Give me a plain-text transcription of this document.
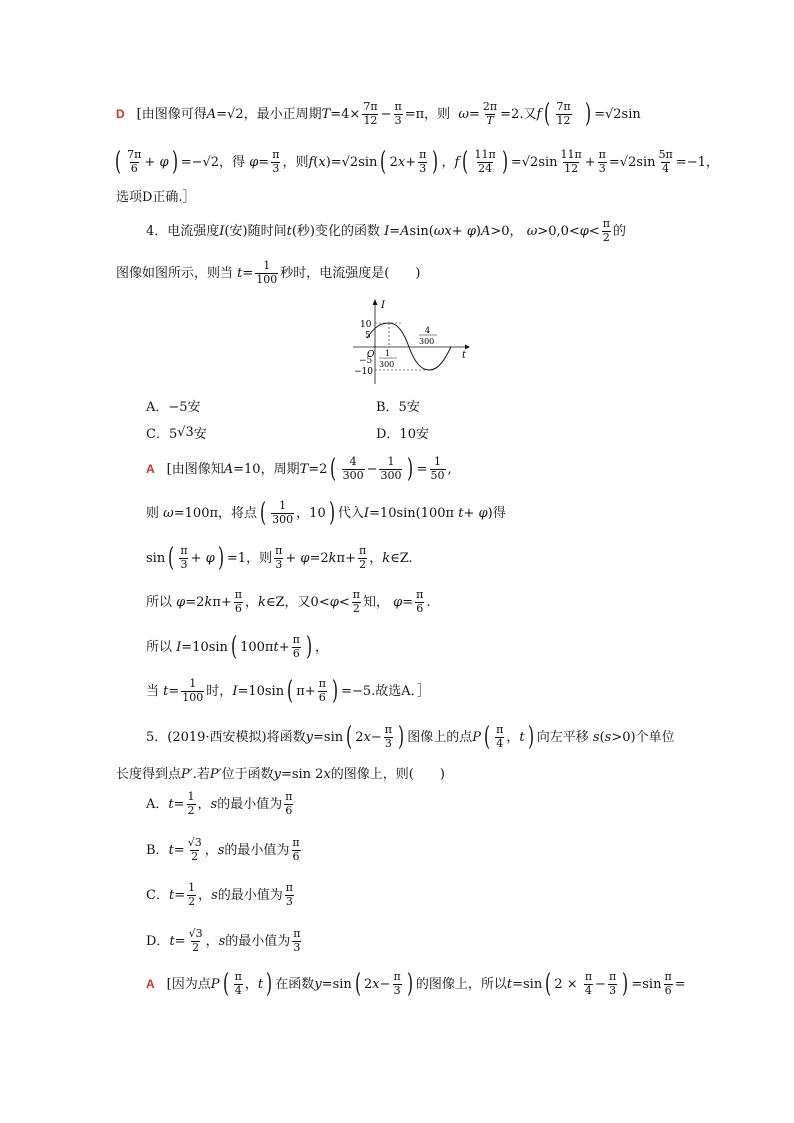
D [由图像可得 A =√2，最小正周期 $T =4\times \frac{7\pi}{12} - \frac{\pi}{3} =\pi$，则
$\omega = \frac{2\pi}{T} =2$.又 f ( $\frac{7\pi}{12}$
) =√2sin
( $\frac{7\pi}{6}$ +
φ ) =−√2，得
$\varphi = \frac{\pi}{3}$ ，则 f ( x )=√2sin ( 2 $x + \frac{\pi}{3}$ ) ， f ( $\frac{11\pi}{24}$ ) $=√2\sin \frac{11\pi}{12} + \frac{\pi}{3} =√2\sin \frac{5\pi}{4} =-1$，
选项D正确.］
4．电流强度 I (安)随时间 t (秒)变化的函数
I = A sin( ωx +
φ ) A >0，
$\omega >0,0< \varphi < \frac{\pi}{2}$ 的
图像如图所示，则当
$t = \frac{1}{100}$ 秒时，电流强度是(　　)
I
t
O
10
5
−5
−10
1
300
4
300
A．−5安	B．5安
C．5 √3 安	D．10安
A [由图像知 A =10，周期 T =2 ( $\frac{4}{300} - \frac{1}{300}$ ) = $\frac{1}{50}$ ,
则
ω =100π，将点 ( $\frac{1}{300}$ ，10 ) 代入 I =10sin(100π
t +
φ )得
sin ( $\frac{\pi}{3}$ +
φ ) =1，则 $\frac{\pi}{3}$ +
φ =2 k $\pi+ \frac{\pi}{2}$ ， k ∈Z.
所以
φ =2 k $\pi+ \frac{\pi}{6}$ ， k ∈Z，又$0< \varphi < \frac{\pi}{2}$ 知，
$\varphi = \frac{\pi}{6}$ .
所以
I =10sin ( 100π $t + \frac{\pi}{6}$ ) ，
当
$t = \frac{1}{100}$ 时， I =10sin ( $\pi+ \frac{\pi}{6}$ ) =−5.故选A．］
5．(2019·西安模拟)将函数 y =sin ( 2 $x - \frac{\pi}{3}$ ) 图像上的点 P ( $\frac{\pi}{4}$ ， t ) 向左平移
s ( s >0)个单位
长度得到点 P′ .若 P′ 位于函数 y =sin 2 x 的图像上，则(　　)
A． $t = \frac{1}{2}$ ， s 的最小值为 $\frac{\pi}{6}$
B． $t = \frac{√3}{2}$ ， s 的最小值为 $\frac{\pi}{6}$
C． $t = \frac{1}{2}$ ， s 的最小值为 $\frac{\pi}{3}$
D． $t = \frac{√3}{2}$ ， s 的最小值为 $\frac{\pi}{3}$
A [因为点 P ( $\frac{\pi}{4}$ ， t ) 在函数 y =sin ( 2 $x - \frac{\pi}{3}$ ) 的图像上，所以 t =sin ( 2 ×
$\frac{\pi}{4} - \frac{\pi}{3}$ ) $=\sin \frac{\pi}{6}$ =
